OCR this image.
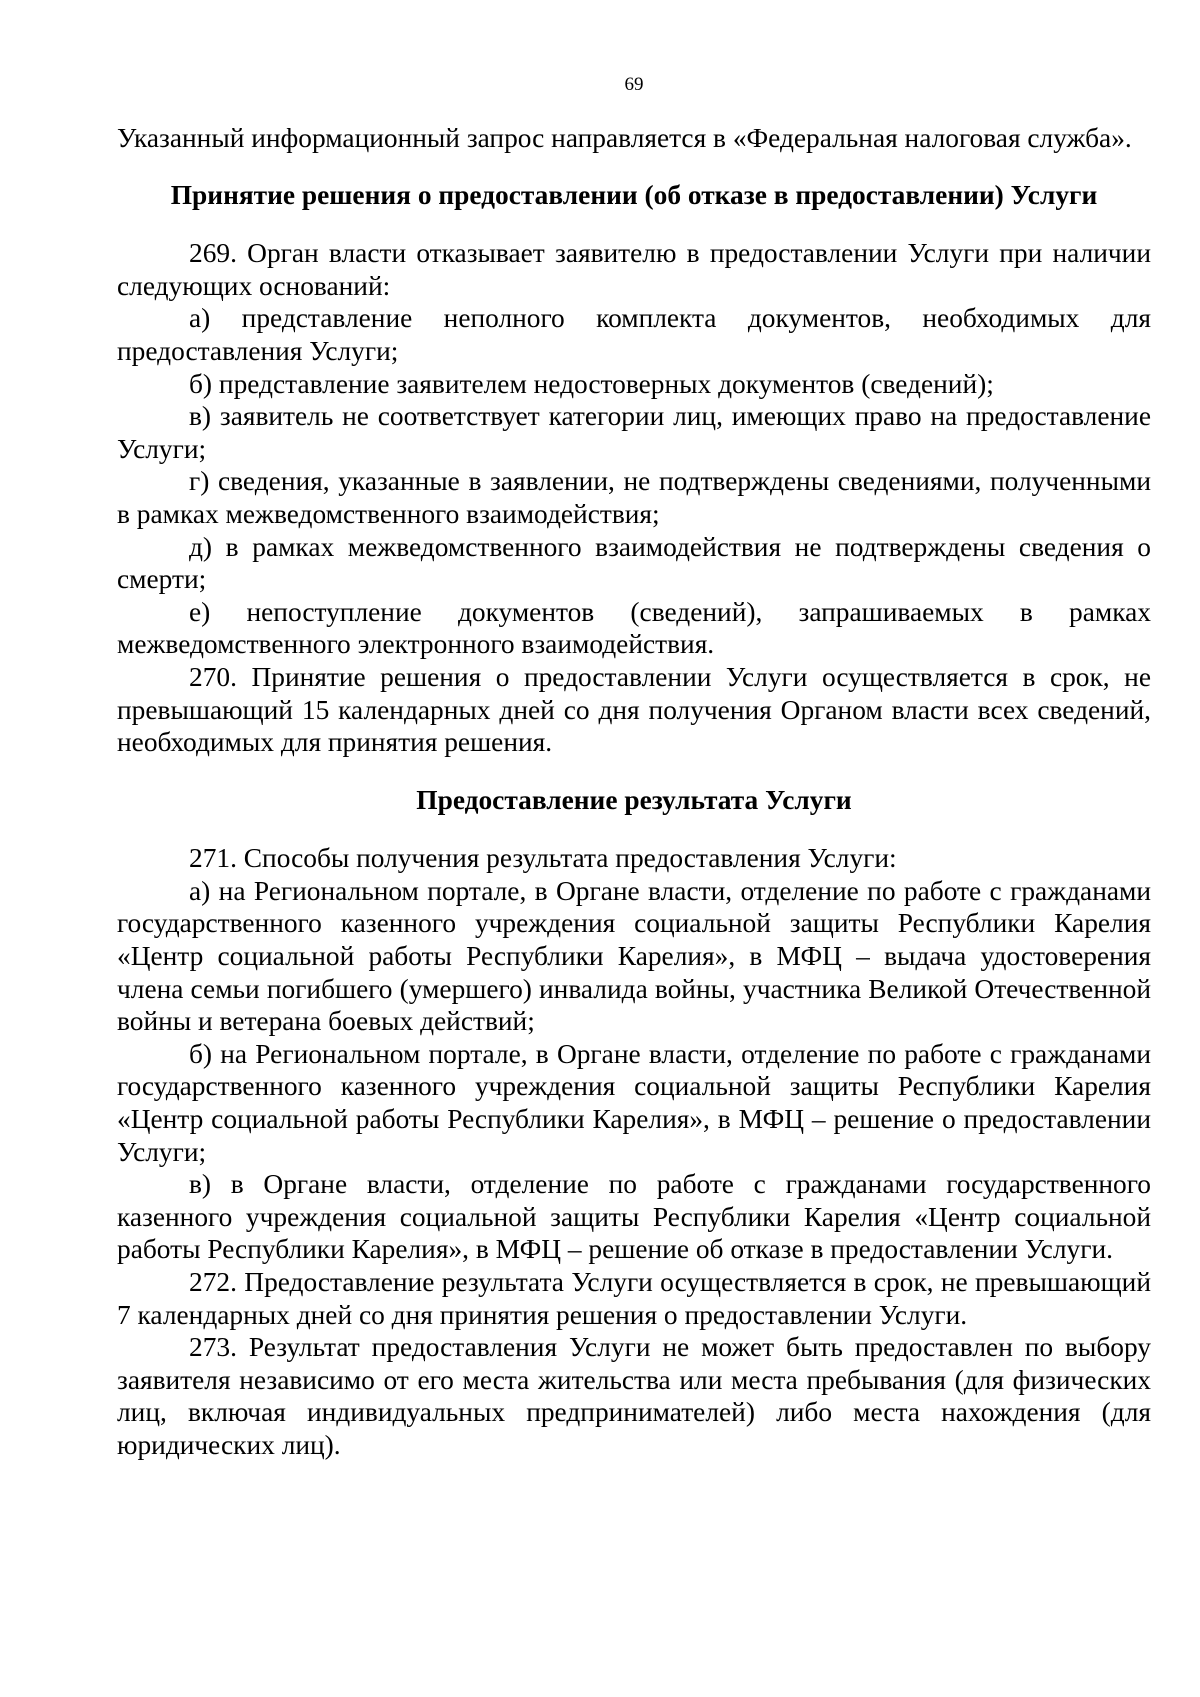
69

Указанный информационный запрос направляется в «Федеральная налоговая служба».

Принятие решения о предоставлении (об отказе в предоставлении) Услуги

269. Орган власти отказывает заявителю в предоставлении Услуги при наличии следующих оснований:

а) представление неполного комплекта документов, необходимых для предоставления Услуги;

б) представление заявителем недостоверных документов (сведений);

в) заявитель не соответствует категории лиц, имеющих право на предоставление Услуги;

г) сведения, указанные в заявлении, не подтверждены сведениями, полученными в рамках межведомственного взаимодействия;

д) в рамках межведомственного взаимодействия не подтверждены сведения о смерти;

е) непоступление документов (сведений), запрашиваемых в рамках межведомственного электронного взаимодействия.

270. Принятие решения о предоставлении Услуги осуществляется в срок, не превышающий 15 календарных дней со дня получения Органом власти всех сведений, необходимых для принятия решения.

Предоставление результата Услуги

271. Способы получения результата предоставления Услуги:

а) на Региональном портале, в Органе власти, отделение по работе с гражданами государственного казенного учреждения социальной защиты Республики Карелия «Центр социальной работы Республики Карелия», в МФЦ – выдача удостоверения члена семьи погибшего (умершего) инвалида войны, участника Великой Отечественной войны и ветерана боевых действий;

б) на Региональном портале, в Органе власти, отделение по работе с гражданами государственного казенного учреждения социальной защиты Республики Карелия «Центр социальной работы Республики Карелия», в МФЦ – решение о предоставлении Услуги;

в) в Органе власти, отделение по работе с гражданами государственного казенного учреждения социальной защиты Республики Карелия «Центр социальной работы Республики Карелия», в МФЦ – решение об отказе в предоставлении Услуги.

272. Предоставление результата Услуги осуществляется в срок, не превышающий 7 календарных дней со дня принятия решения о предоставлении Услуги.

273. Результат предоставления Услуги не может быть предоставлен по выбору заявителя независимо от его места жительства или места пребывания (для физических лиц, включая индивидуальных предпринимателей) либо места нахождения (для юридических лиц).
